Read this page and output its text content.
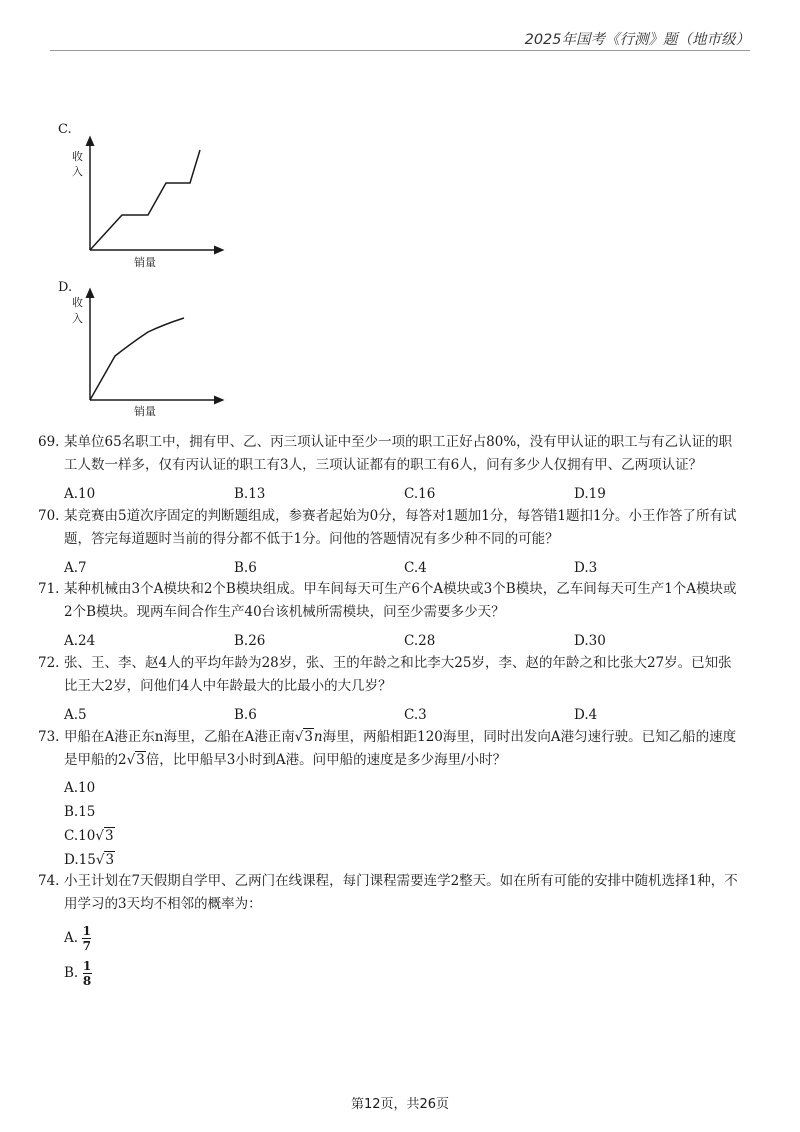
2025年国考《行测》题（地市级）
C.
收
入
销量
D.
收
入
销量
69. 某单位65名职工中，拥有甲、乙、丙三项认证中至少一项的职工正好占80%，没有甲认证的职工与有乙认证的职工人数一样多，仅有丙认证的职工有3人，三项认证都有的职工有6人，问有多少人仅拥有甲、乙两项认证？
A.10	B.13	C.16	D.19
70. 某竞赛由5道次序固定的判断题组成，参赛者起始为0分，每答对1题加1分，每答错1题扣1分。小王作答了所有试题，答完每道题时当前的得分都不低于1分。问他的答题情况有多少种不同的可能？
A.7	B.6	C.4	D.3
71. 某种机械由3个A模块和2个B模块组成。甲车间每天可生产6个A模块或3个B模块，乙车间每天可生产1个A模块或2个B模块。现两车间合作生产40台该机械所需模块，问至少需要多少天？
A.24	B.26	C.28	D.30
72. 张、王、李、赵4人的平均年龄为28岁，张、王的年龄之和比李大25岁，李、赵的年龄之和比张大27岁。已知张比王大2岁，问他们4人中年龄最大的比最小的大几岁？
A.5	B.6	C.3	D.4
73. 甲船在A港正东n海里，乙船在A港正南√3n海里，两船相距120海里，同时出发向A港匀速行驶。已知乙船的速度是甲船的2√3倍，比甲船早3小时到A港。问甲船的速度是多少海里/小时？
A.10
B.15
C.10√3
D.15√3
74. 小王计划在7天假期自学甲、乙两门在线课程，每门课程需要连学2整天。如在所有可能的安排中随机选择1种，不用学习的3天均不相邻的概率为：
A. $\frac{1}{7}$
B. $\frac{1}{8}$
第12页，共26页
